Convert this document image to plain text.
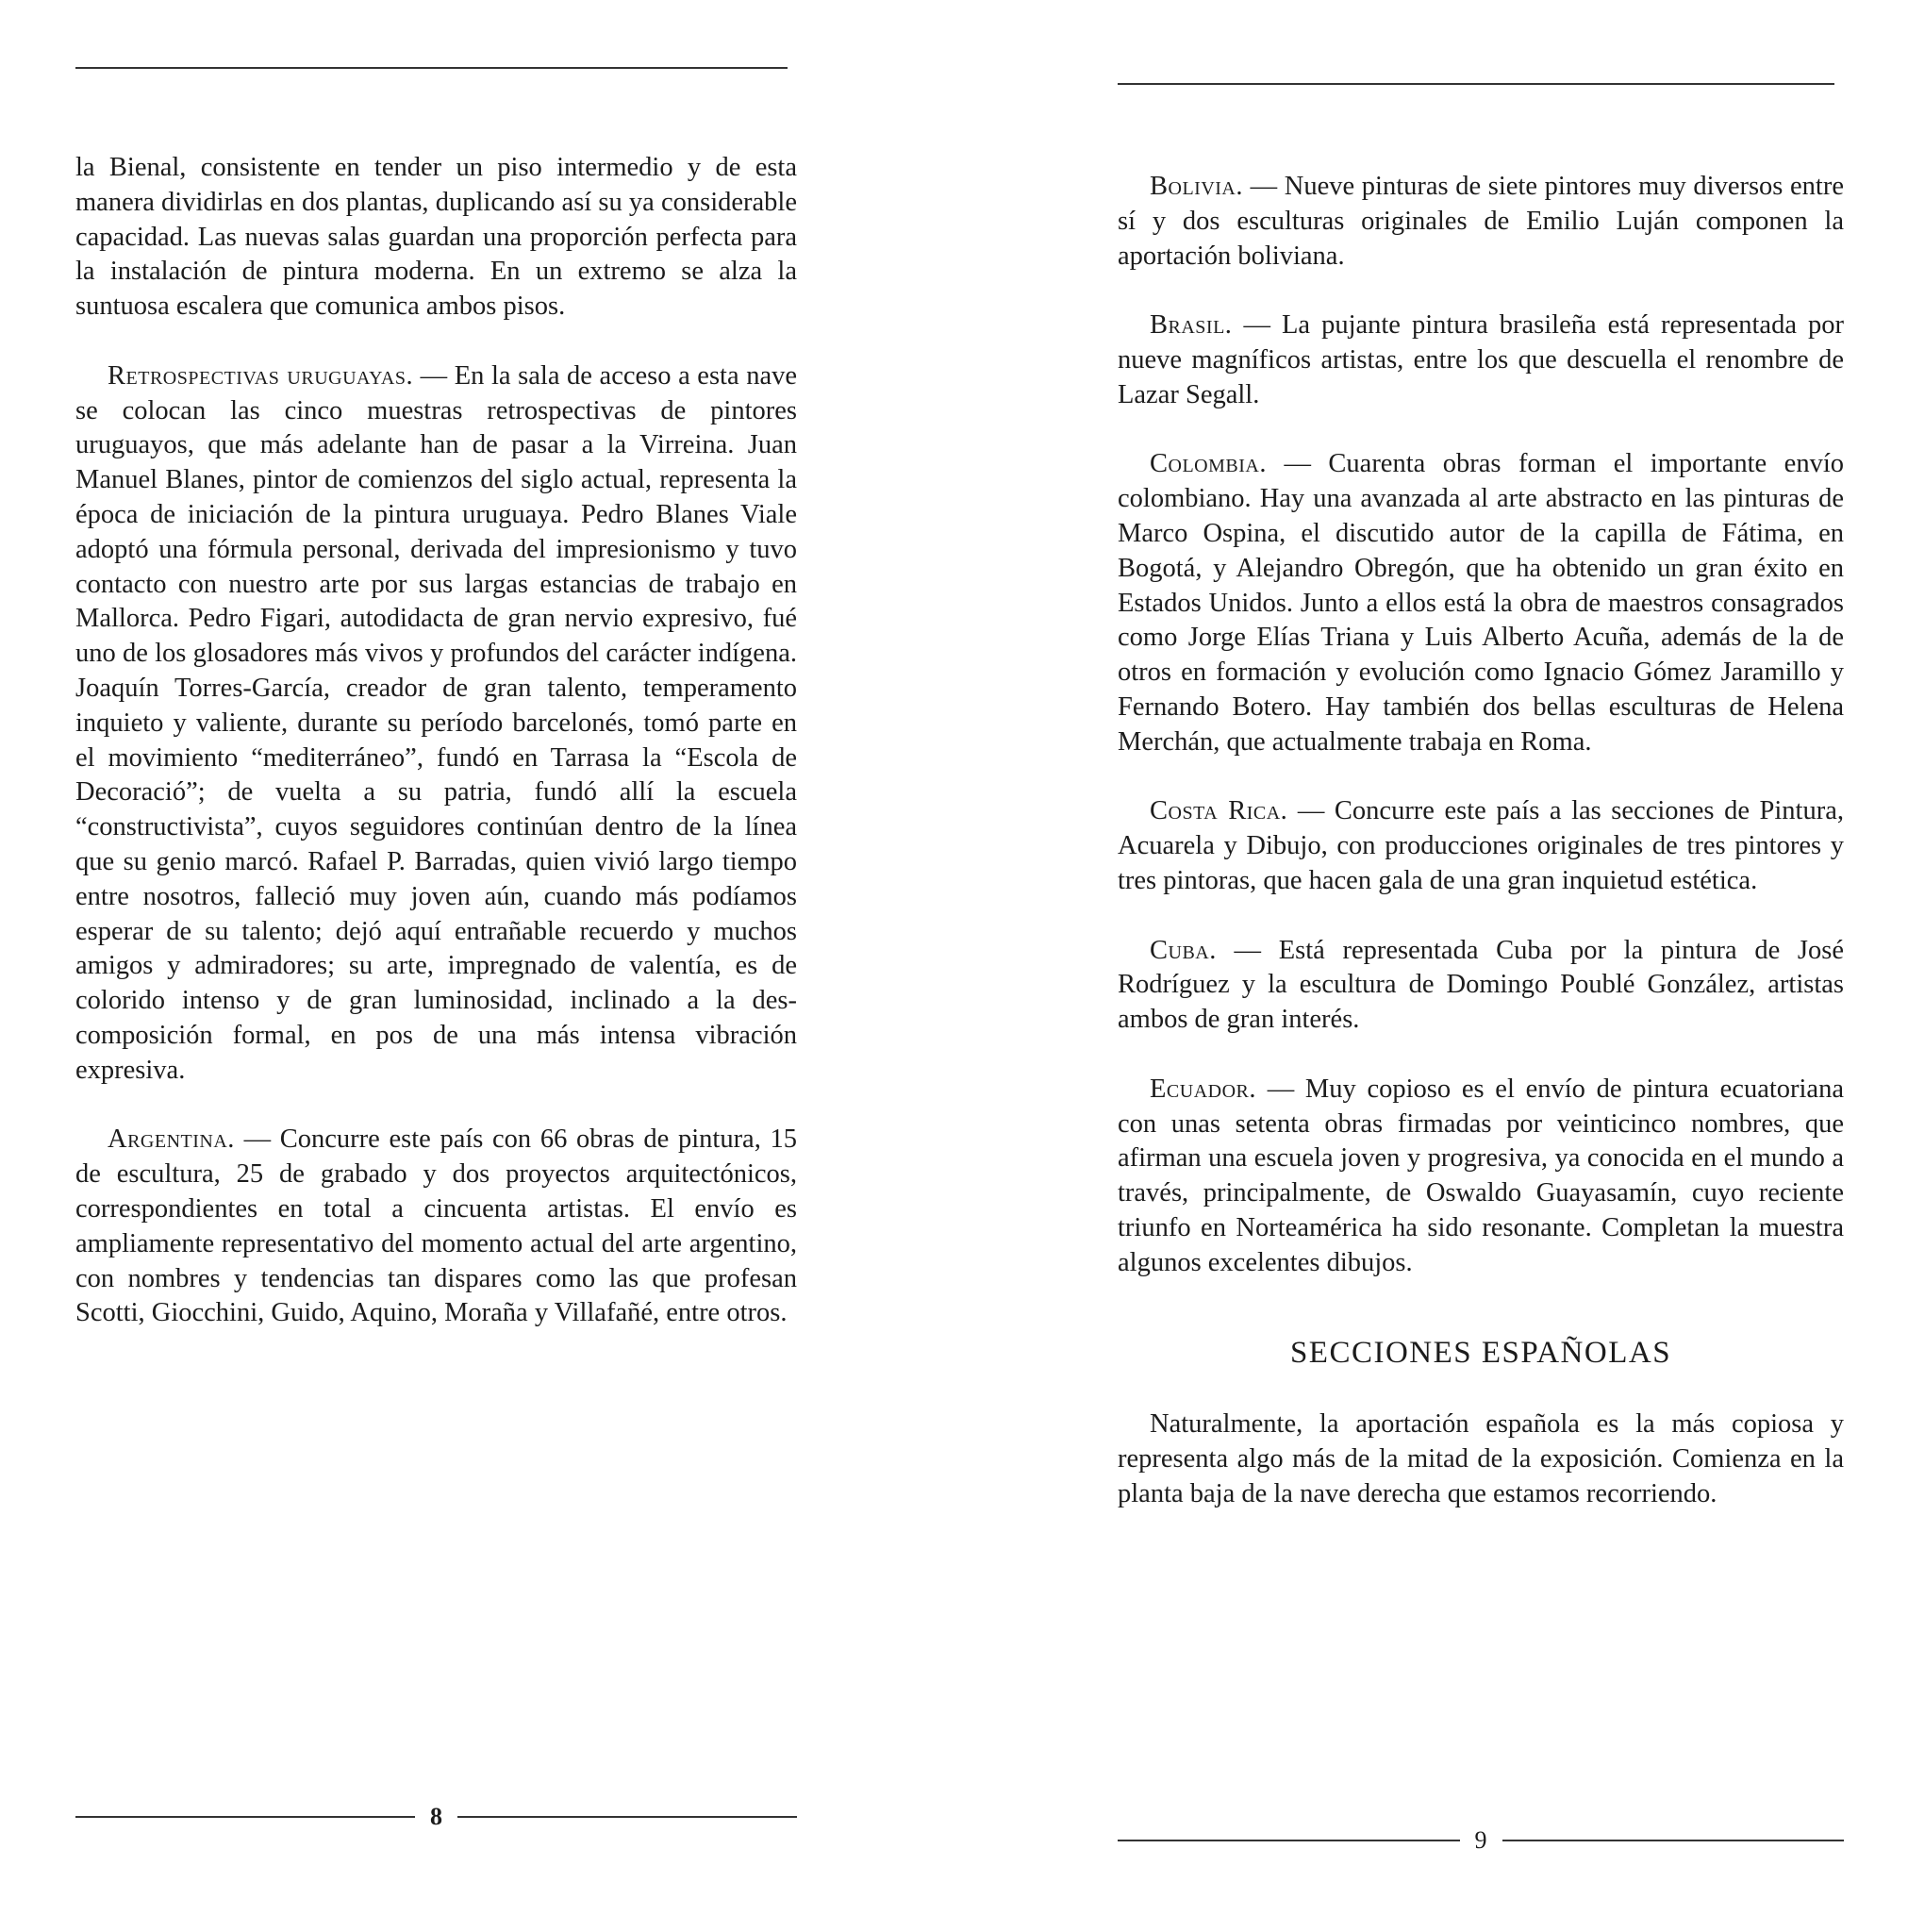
la Bienal, consistente en tender un piso intermedio y de esta manera dividirlas en dos plantas, duplicando así su ya considerable capacidad. Las nuevas salas guardan una proporción perfecta para la instalación de pintura moderna. En un extremo se alza la suntuosa escalera que comunica ambos pisos.

Retrospectivas uruguayas. — En la sala de acceso a esta nave se colocan las cinco muestras retrospectivas de pintores uruguayos, que más adelante han de pasar a la Virreina. Juan Manuel Blanes, pintor de comienzos del siglo actual, representa la época de iniciación de la pintura uruguaya. Pedro Blanes Viale adoptó una fórmula personal, derivada del impresionismo y tuvo contacto con nuestro arte por sus largas estancias de trabajo en Mallorca. Pedro Figari, autodidacta de gran nervio expresivo, fué uno de los glosadores más vivos y profundos del carácter indígena. Joaquín Torres-García, creador de gran talento, temperamento inquieto y valiente, durante su período barcelonés, tomó parte en el movimiento “mediterráneo”, fundó en Tarrasa la “Escola de Decoració”; de vuelta a su patria, fundó allí la escuela “constructivista”, cuyos seguidores continúan dentro de la línea que su genio marcó. Rafael P. Barradas, quien vivió largo tiempo entre nosotros, falleció muy joven aún, cuando más podíamos esperar de su talento; dejó aquí entrañable recuerdo y muchos amigos y admiradores; su arte, impregnado de valentía, es de colorido intenso y de gran luminosidad, inclinado a la descomposición formal, en pos de una más intensa vibración expresiva.

Argentina. — Concurre este país con 66 obras de pintura, 15 de escultura, 25 de grabado y dos proyectos arquitectónicos, correspondientes en total a cincuenta artistas. El envío es ampliamente representativo del momento actual del arte argentino, con nombres y tendencias tan dispares como las que profesan Scotti, Giocchini, Guido, Aquino, Moraña y Villafañé, entre otros.

8

Bolivia. — Nueve pinturas de siete pintores muy diversos entre sí y dos esculturas originales de Emilio Luján componen la aportación boliviana.

Brasil. — La pujante pintura brasileña está representada por nueve magníficos artistas, entre los que descuella el renombre de Lazar Segall.

Colombia. — Cuarenta obras forman el importante envío colombiano. Hay una avanzada al arte abstracto en las pinturas de Marco Ospina, el discutido autor de la capilla de Fátima, en Bogotá, y Alejandro Obregón, que ha obtenido un gran éxito en Estados Unidos. Junto a ellos está la obra de maestros consagrados como Jorge Elías Triana y Luis Alberto Acuña, además de la de otros en formación y evolución como Ignacio Gómez Jaramillo y Fernando Botero. Hay también dos bellas esculturas de Helena Merchán, que actualmente trabaja en Roma.

Costa Rica. — Concurre este país a las secciones de Pintura, Acuarela y Dibujo, con producciones originales de tres pintores y tres pintoras, que hacen gala de una gran inquietud estética.

Cuba. — Está representada Cuba por la pintura de José Rodríguez y la escultura de Domingo Poublé González, artistas ambos de gran interés.

Ecuador. — Muy copioso es el envío de pintura ecuatoriana con unas setenta obras firmadas por veinticinco nombres, que afirman una escuela joven y progresiva, ya conocida en el mundo a través, principalmente, de Oswaldo Guayasamín, cuyo reciente triunfo en Norteamérica ha sido resonante. Completan la muestra algunos excelentes dibujos.

SECCIONES ESPAÑOLAS

Naturalmente, la aportación española es la más copiosa y representa algo más de la mitad de la exposición. Comienza en la planta baja de la nave derecha que estamos recorriendo.

9
